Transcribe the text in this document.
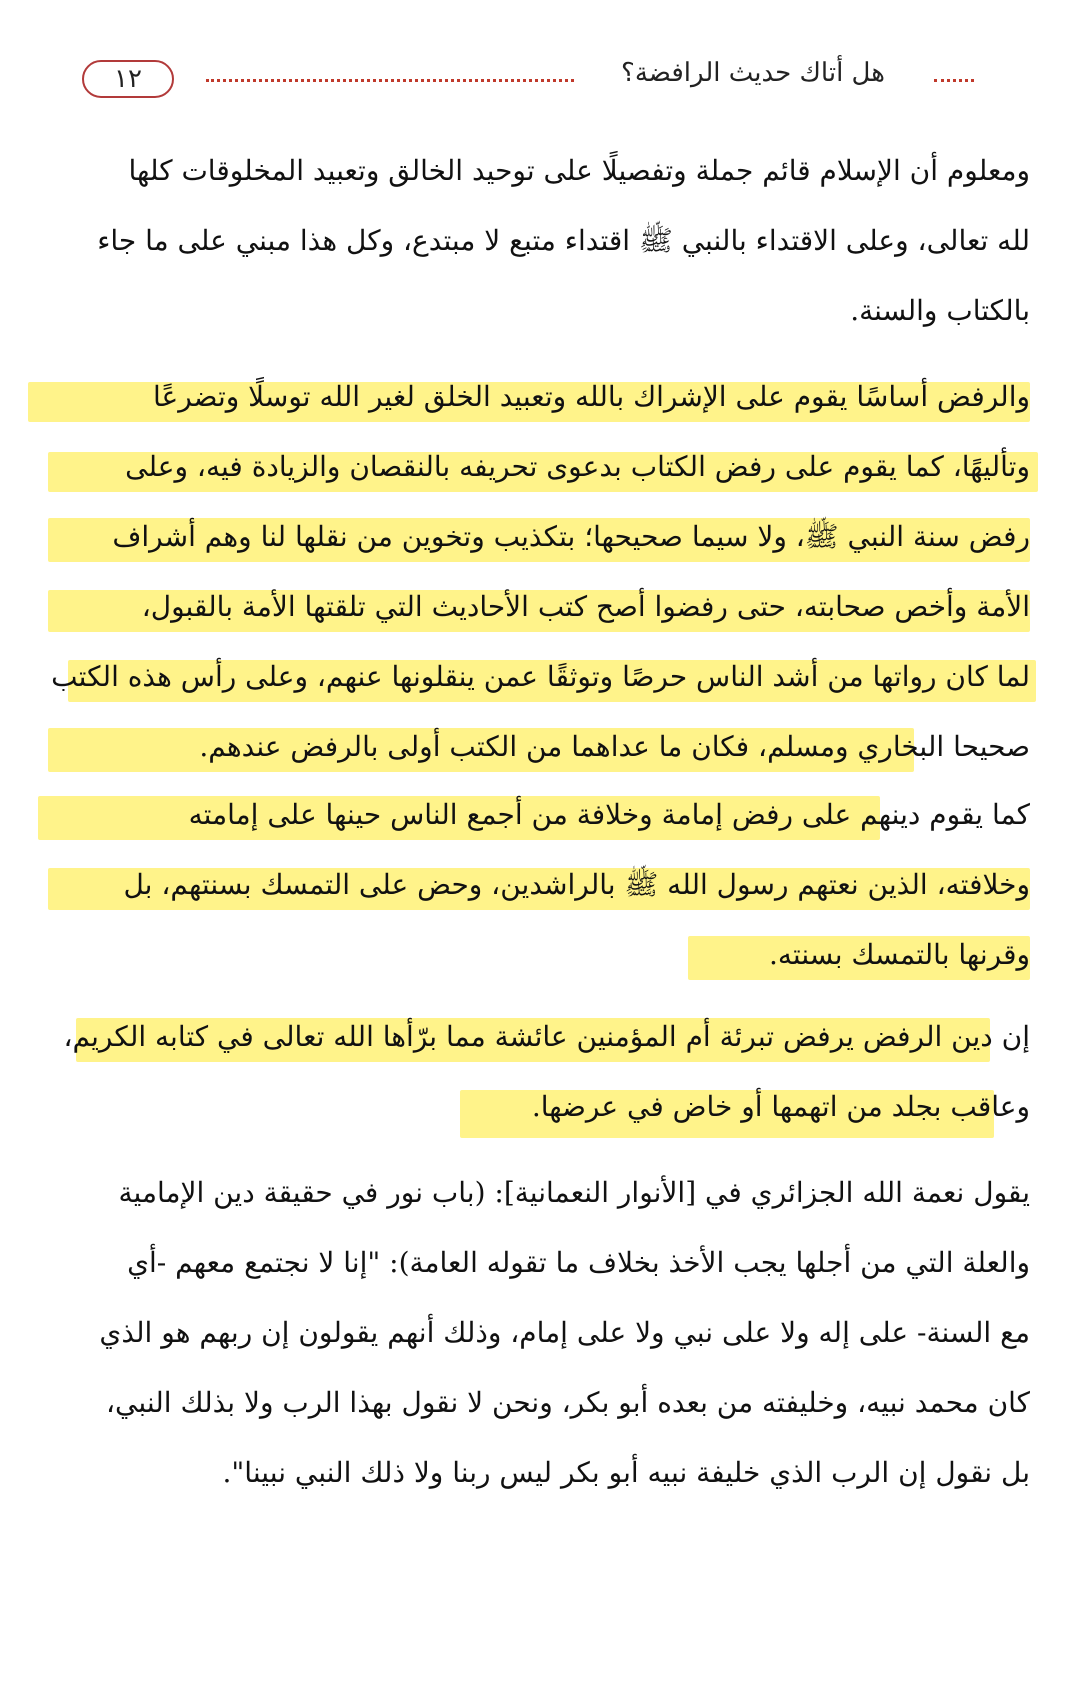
١٢	هل أتاك حديث الرافضة؟
ومعلوم أن الإسلام قائم جملة وتفصيلًا على توحيد الخالق وتعبيد المخلوقات كلها
لله تعالى، وعلى الاقتداء بالنبي ﷺ اقتداء متبع لا مبتدع، وكل هذا مبني على ما جاء
بالكتاب والسنة.
والرفض أساسًا يقوم على الإشراك بالله وتعبيد الخلق لغير الله توسلًا وتضرعًا
وتأليهًا، كما يقوم على رفض الكتاب بدعوى تحريفه بالنقصان والزيادة فيه، وعلى
رفض سنة النبي ﷺ، ولا سيما صحيحها؛ بتكذيب وتخوين من نقلها لنا وهم أشراف
الأمة وأخص صحابته، حتى رفضوا أصح كتب الأحاديث التي تلقتها الأمة بالقبول،
لما كان رواتها من أشد الناس حرصًا وتوثقًا عمن ينقلونها عنهم، وعلى رأس هذه الكتب
صحيحا البخاري ومسلم، فكان ما عداهما من الكتب أولى بالرفض عندهم.
كما يقوم دينهم على رفض إمامة وخلافة من أجمع الناس حينها على إمامته
وخلافته، الذين نعتهم رسول الله ﷺ بالراشدين، وحض على التمسك بسنتهم، بل
وقرنها بالتمسك بسنته.
إن دين الرفض يرفض تبرئة أم المؤمنين عائشة مما برّأها الله تعالى في كتابه الكريم،
وعاقب بجلد من اتهمها أو خاض في عرضها.
يقول نعمة الله الجزائري في [الأنوار النعمانية]: (باب نور في حقيقة دين الإمامية
والعلة التي من أجلها يجب الأخذ بخلاف ما تقوله العامة): "إنا لا نجتمع معهم -أي
مع السنة- على إله ولا على نبي ولا على إمام، وذلك أنهم يقولون إن ربهم هو الذي
كان محمد نبيه، وخليفته من بعده أبو بكر، ونحن لا نقول بهذا الرب ولا بذلك النبي،
بل نقول إن الرب الذي خليفة نبيه أبو بكر ليس ربنا ولا ذلك النبي نبينا".
